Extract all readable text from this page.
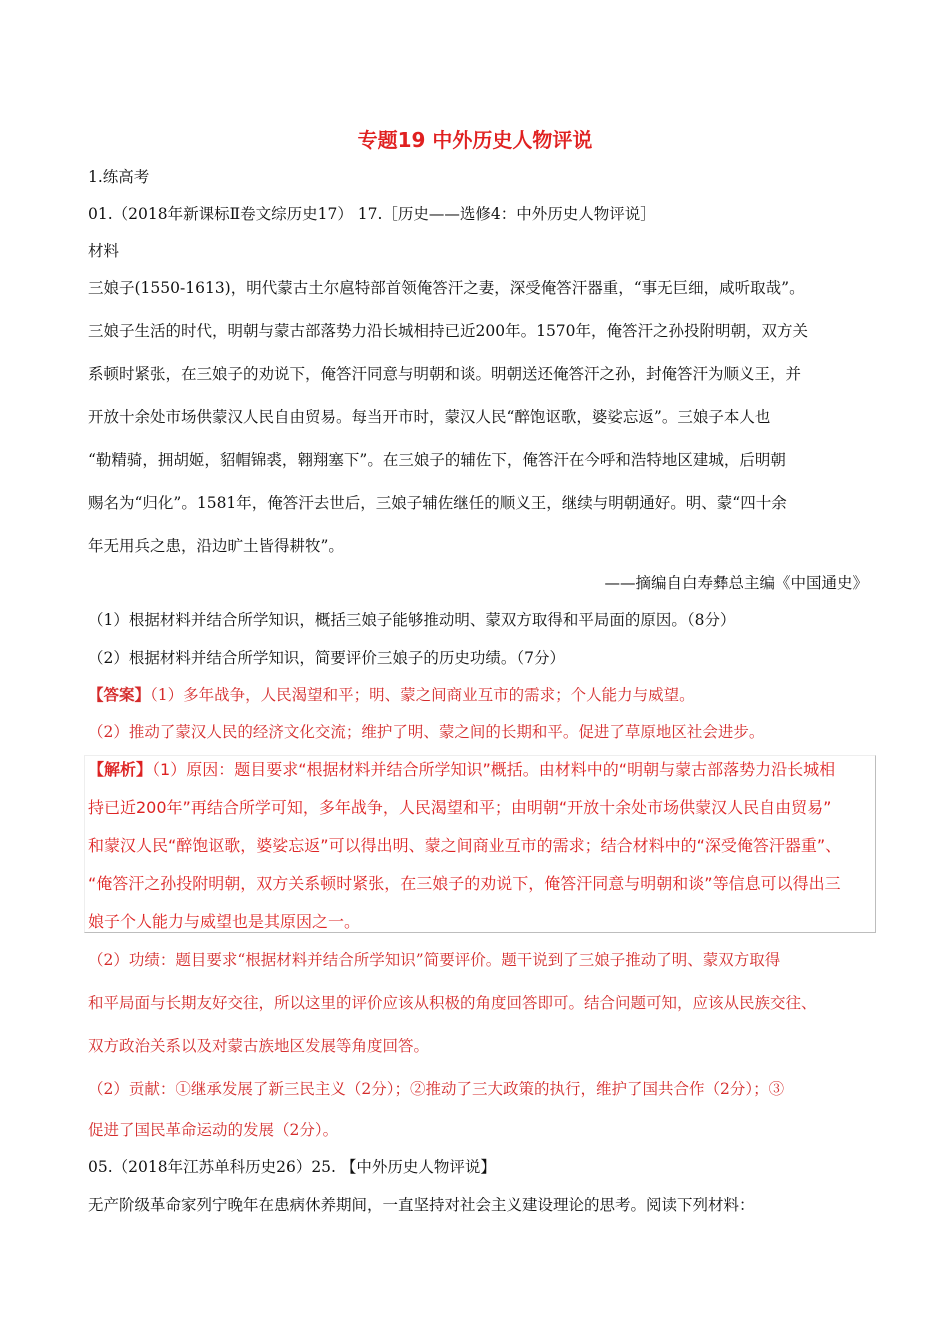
专题19 中外历史人物评说

1.练高考

01.（2018年新课标Ⅱ卷文综历史17） 17.［历史——选修4：中外历史人物评说］

材料

三娘子(1550-1613)，明代蒙古土尔扈特部首领俺答汗之妻，深受俺答汗器重，“事无巨细，咸听取哉”。

三娘子生活的时代，明朝与蒙古部落势力沿长城相持已近200年。1570年，俺答汗之孙投附明朝，双方关

系顿时紧张，在三娘子的劝说下，俺答汗同意与明朝和谈。明朝送还俺答汗之孙，封俺答汗为顺义王，并

开放十余处市场供蒙汉人民自由贸易。每当开市时，蒙汉人民“醉饱讴歌，婆娑忘返”。三娘子本人也

“勒精骑，拥胡姬，貂帽锦裘，翱翔塞下”。在三娘子的辅佐下，俺答汗在今呼和浩特地区建城，后明朝

赐名为“归化”。1581年，俺答汗去世后，三娘子辅佐继任的顺义王，继续与明朝通好。明、蒙“四十余

年无用兵之患，沿边旷土皆得耕牧”。

——摘编自白寿彝总主编《中国通史》

（1）根据材料并结合所学知识，概括三娘子能够推动明、蒙双方取得和平局面的原因。（8分）

（2）根据材料并结合所学知识，简要评价三娘子的历史功绩。（7分）

【答案】（1）多年战争，人民渴望和平；明、蒙之间商业互市的需求；个人能力与威望。

（2）推动了蒙汉人民的经济文化交流；维护了明、蒙之间的长期和平。促进了草原地区社会进步。

【解析】（1）原因：题目要求“根据材料并结合所学知识”概括。由材料中的“明朝与蒙古部落势力沿长城相

持已近200年”再结合所学可知，多年战争，人民渴望和平；由明朝“开放十余处市场供蒙汉人民自由贸易”

和蒙汉人民“醉饱讴歌，婆娑忘返”可以得出明、蒙之间商业互市的需求；结合材料中的“深受俺答汗器重”、

“俺答汗之孙投附明朝，双方关系顿时紧张，在三娘子的劝说下，俺答汗同意与明朝和谈”等信息可以得出三

娘子个人能力与威望也是其原因之一。

（2）功绩：题目要求“根据材料并结合所学知识”简要评价。题干说到了三娘子推动了明、蒙双方取得

和平局面与长期友好交往，所以这里的评价应该从积极的角度回答即可。结合问题可知，应该从民族交往、

双方政治关系以及对蒙古族地区发展等角度回答。

（2）贡献：①继承发展了新三民主义（2分）；②推动了三大政策的执行，维护了国共合作（2分）；③

促进了国民革命运动的发展（2分）。

05.（2018年江苏单科历史26）25. 【中外历史人物评说】

无产阶级革命家列宁晚年在患病休养期间，一直坚持对社会主义建设理论的思考。阅读下列材料：
